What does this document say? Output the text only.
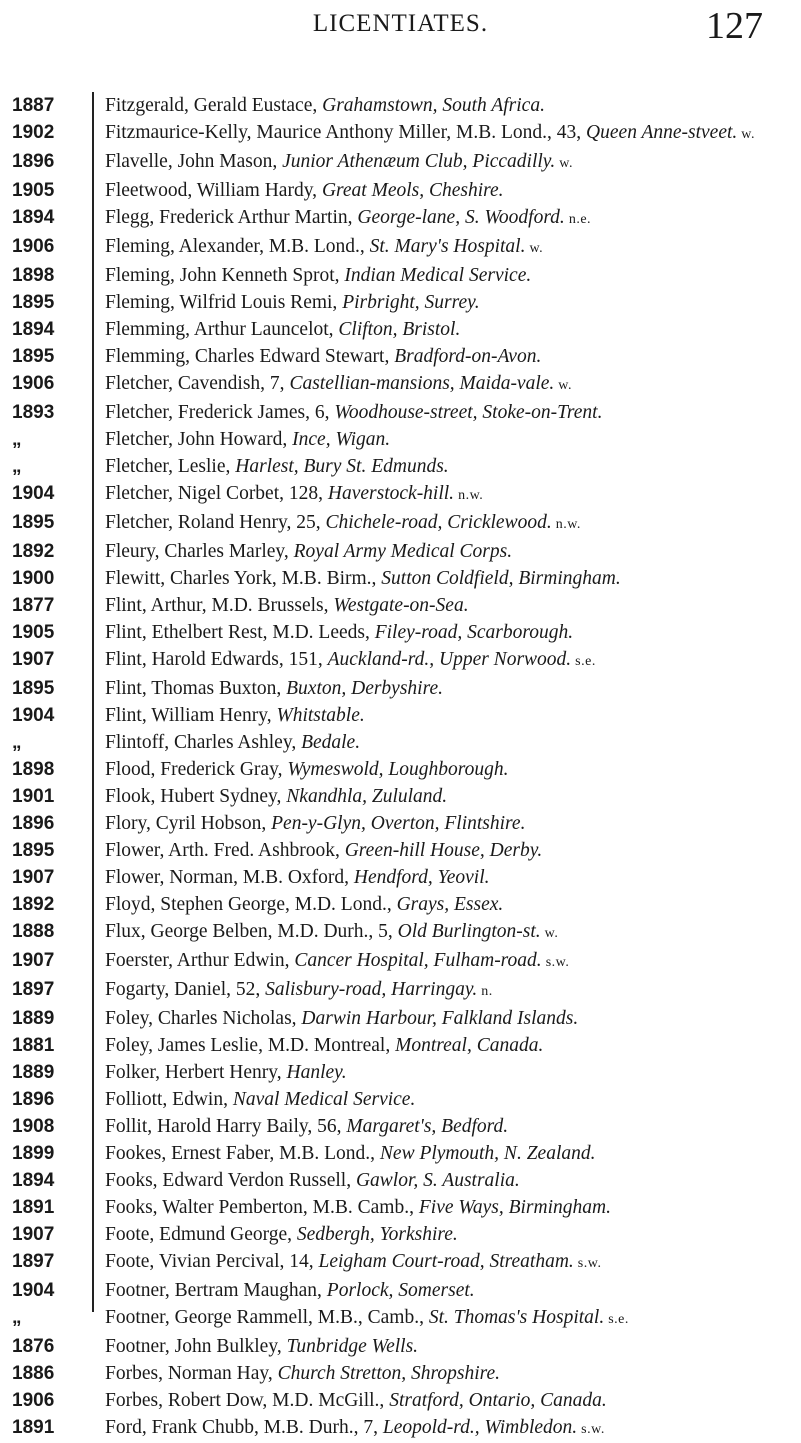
LICENTIATES.	127
1887	Fitzgerald, Gerald Eustace, Grahamstown, South Africa.
1902	Fitzmaurice-Kelly, Maurice Anthony Miller, M.B. Lond., 43, Queen Anne-stveet. w.
1896	Flavelle, John Mason, Junior Athenæum Club, Piccadilly. w.
1905	Fleetwood, William Hardy, Great Meols, Cheshire.
1894	Flegg, Frederick Arthur Martin, George-lane, S. Woodford. n.e.
1906	Fleming, Alexander, M.B. Lond., St. Mary's Hospital. w.
1898	Fleming, John Kenneth Sprot, Indian Medical Service.
1895	Fleming, Wilfrid Louis Remi, Pirbright, Surrey.
1894	Flemming, Arthur Launcelot, Clifton, Bristol.
1895	Flemming, Charles Edward Stewart, Bradford-on-Avon.
1906	Fletcher, Cavendish, 7, Castellian-mansions, Maida-vale. w.
1893	Fletcher, Frederick James, 6, Woodhouse-street, Stoke-on-Trent.
„	Fletcher, John Howard, Ince, Wigan.
„	Fletcher, Leslie, Harlest, Bury St. Edmunds.
1904	Fletcher, Nigel Corbet, 128, Haverstock-hill. n.w.
1895	Fletcher, Roland Henry, 25, Chichele-road, Cricklewood. n.w.
1892	Fleury, Charles Marley, Royal Army Medical Corps.
1900	Flewitt, Charles York, M.B. Birm., Sutton Coldfield, Birmingham.
1877	Flint, Arthur, M.D. Brussels, Westgate-on-Sea.
1905	Flint, Ethelbert Rest, M.D. Leeds, Filey-road, Scarborough.
1907	Flint, Harold Edwards, 151, Auckland-rd., Upper Norwood. s.e.
1895	Flint, Thomas Buxton, Buxton, Derbyshire.
1904	Flint, William Henry, Whitstable.
„	Flintoff, Charles Ashley, Bedale.
1898	Flood, Frederick Gray, Wymeswold, Loughborough.
1901	Flook, Hubert Sydney, Nkandhla, Zululand.
1896	Flory, Cyril Hobson, Pen-y-Glyn, Overton, Flintshire.
1895	Flower, Arth. Fred. Ashbrook, Green-hill House, Derby.
1907	Flower, Norman, M.B. Oxford, Hendford, Yeovil.
1892	Floyd, Stephen George, M.D. Lond., Grays, Essex.
1888	Flux, George Belben, M.D. Durh., 5, Old Burlington-st. w.
1907	Foerster, Arthur Edwin, Cancer Hospital, Fulham-road. s.w.
1897	Fogarty, Daniel, 52, Salisbury-road, Harringay. n.
1889	Foley, Charles Nicholas, Darwin Harbour, Falkland Islands.
1881	Foley, James Leslie, M.D. Montreal, Montreal, Canada.
1889	Folker, Herbert Henry, Hanley.
1896	Folliott, Edwin, Naval Medical Service.
1908	Follit, Harold Harry Baily, 56, Margaret's, Bedford.
1899	Fookes, Ernest Faber, M.B. Lond., New Plymouth, N. Zealand.
1894	Fooks, Edward Verdon Russell, Gawlor, S. Australia.
1891	Fooks, Walter Pemberton, M.B. Camb., Five Ways, Birmingham.
1907	Foote, Edmund George, Sedbergh, Yorkshire.
1897	Foote, Vivian Percival, 14, Leigham Court-road, Streatham. s.w.
1904	Footner, Bertram Maughan, Porlock, Somerset.
„	Footner, George Rammell, M.B., Camb., St. Thomas's Hospital. s.e.
1876	Footner, John Bulkley, Tunbridge Wells.
1886	Forbes, Norman Hay, Church Stretton, Shropshire.
1906	Forbes, Robert Dow, M.D. McGill., Stratford, Ontario, Canada.
1891	Ford, Frank Chubb, M.B. Durh., 7, Leopold-rd., Wimbledon. s.w.
